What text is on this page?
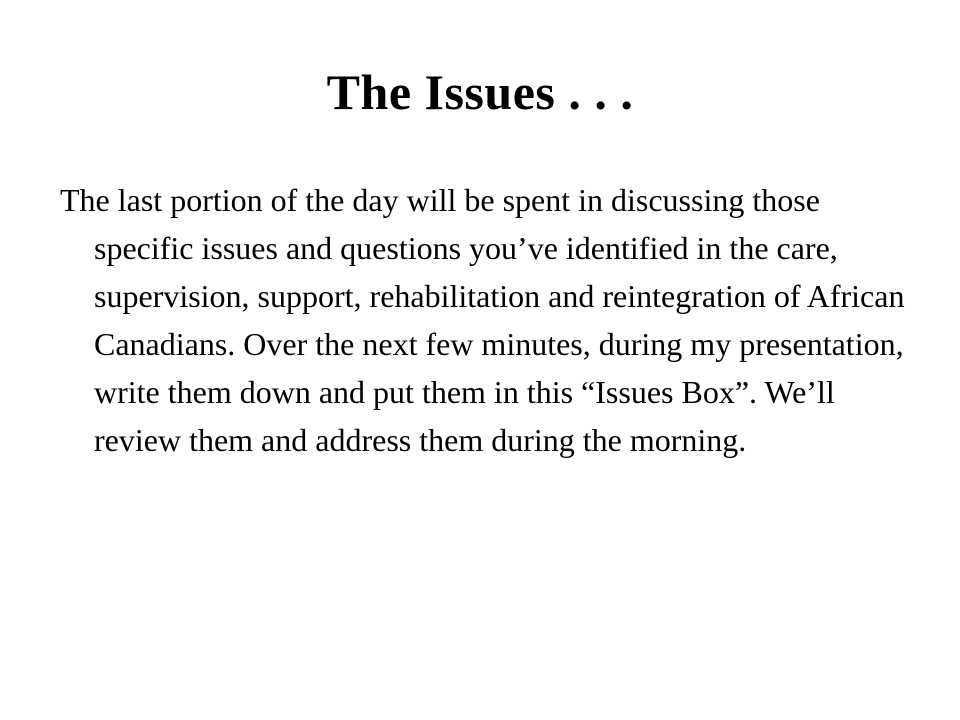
The Issues . . .

The last portion of the day will be spent in discussing those specific issues and questions you’ve identified in the care, supervision, support, rehabilitation and reintegration of African Canadians. Over the next few minutes, during my presentation, write them down and put them in this “Issues Box”. We’ll review them and address them during the morning.
